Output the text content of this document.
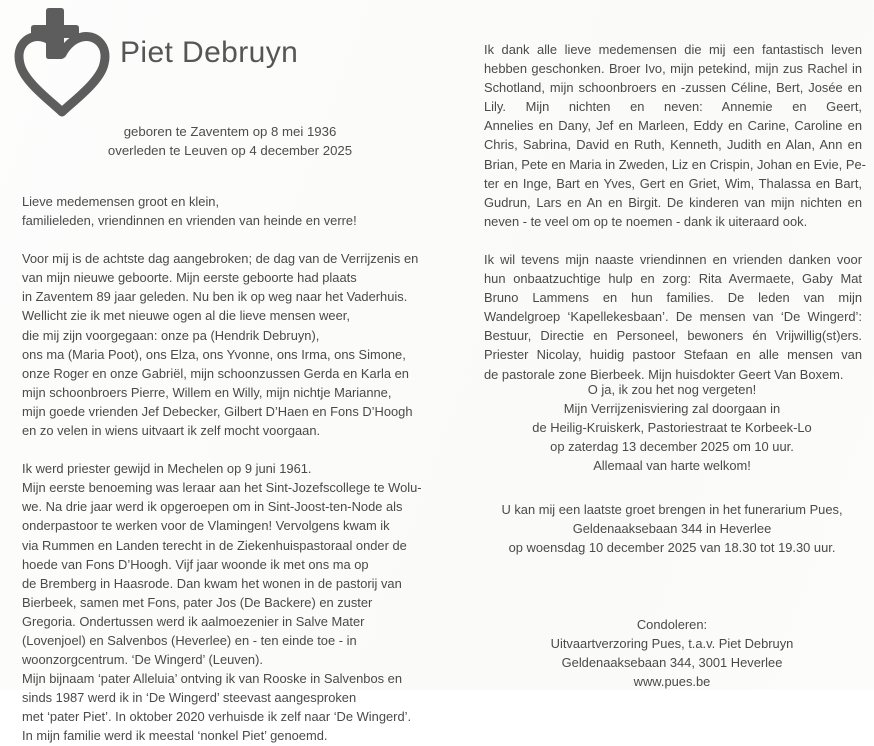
Piet Debruyn
geboren te Zaventem op 8 mei 1936
overleden te Leuven op 4 december 2025

Lieve medemensen groot en klein,
familieleden, vriendinnen en vrienden van heinde en verre!

Voor mij is de achtste dag aangebroken; de dag van de Verrijzenis en
van mijn nieuwe geboorte. Mijn eerste geboorte had plaats
in Zaventem 89 jaar geleden. Nu ben ik op weg naar het Vaderhuis.
Wellicht zie ik met nieuwe ogen al die lieve mensen weer,
die mij zijn voorgegaan: onze pa (Hendrik Debruyn),
ons ma (Maria Poot), ons Elza, ons Yvonne, ons Irma, ons Simone,
onze Roger en onze Gabriël, mijn schoonzussen Gerda en Karla en
mijn schoonbroers Pierre, Willem en Willy, mijn nichtje Marianne,
mijn goede vrienden Jef Debecker, Gilbert D’Haen en Fons D’Hoogh
en zo velen in wiens uitvaart ik zelf mocht voorgaan.

Ik werd priester gewijd in Mechelen op 9 juni 1961.
Mijn eerste benoeming was leraar aan het Sint-Jozefscollege te Wolu-
we. Na drie jaar werd ik opgeroepen om in Sint-Joost-ten-Node als
onderpastoor te werken voor de Vlamingen! Vervolgens kwam ik
via Rummen en Landen terecht in de Ziekenhuispastoraal onder de
hoede van Fons D’Hoogh. Vijf jaar woonde ik met ons ma op
de Bremberg in Haasrode. Dan kwam het wonen in de pastorij van
Bierbeek, samen met Fons, pater Jos (De Backere) en zuster
Gregoria. Ondertussen werd ik aalmoezenier in Salve Mater
(Lovenjoel) en Salvenbos (Heverlee) en - ten einde toe - in
woonzorgcentrum. ‘De Wingerd’ (Leuven).
Mijn bijnaam ‘pater Alleluia’ ontving ik van Rooske in Salvenbos en
sinds 1987 werd ik in ‘De Wingerd’ steevast aangesproken
met ‘pater Piet’. In oktober 2020 verhuisde ik zelf naar ‘De Wingerd’.
In mijn familie werd ik meestal ‘nonkel Piet’ genoemd.

Ik dank alle lieve medemensen die mij een fantastisch leven
hebben geschonken. Broer Ivo, mijn petekind, mijn zus Rachel in
Schotland, mijn schoonbroers en -zussen Céline, Bert, Josée en
Lily. Mijn nichten en neven: Annemie en Geert,
Annelies en Dany, Jef en Marleen, Eddy en Carine, Caroline en
Chris, Sabrina, David en Ruth, Kenneth, Judith en Alan, Ann en
Brian, Pete en Maria in Zweden, Liz en Crispin, Johan en Evie, Pe-
ter en Inge, Bart en Yves, Gert en Griet, Wim, Thalassa en Bart,
Gudrun, Lars en An en Birgit. De kinderen van mijn nichten en
neven - te veel om op te noemen - dank ik uiteraard ook.

Ik wil tevens mijn naaste vriendinnen en vrienden danken voor
hun onbaatzuchtige hulp en zorg: Rita Avermaete, Gaby Mat
Bruno Lammens en hun families. De leden van mijn
Wandelgroep ‘Kapellekesbaan’. De mensen van ‘De Wingerd’:
Bestuur, Directie en Personeel, bewoners én Vrijwillig(st)ers.
Priester Nicolay, huidig pastoor Stefaan en alle mensen van
de pastorale zone Bierbeek. Mijn huisdokter Geert Van Boxem.

O ja, ik zou het nog vergeten!
Mijn Verrijzenisviering zal doorgaan in
de Heilig-Kruiskerk, Pastoriestraat te Korbeek-Lo
op zaterdag 13 december 2025 om 10 uur.
Allemaal van harte welkom!
U kan mij een laatste groet brengen in het funerarium Pues,
Geldenaaksebaan 344 in Heverlee
op woensdag 10 december 2025 van 18.30 tot 19.30 uur.
Condoleren:
Uitvaartverzoring Pues, t.a.v. Piet Debruyn
Geldenaaksebaan 344, 3001 Heverlee
www.pues.be
